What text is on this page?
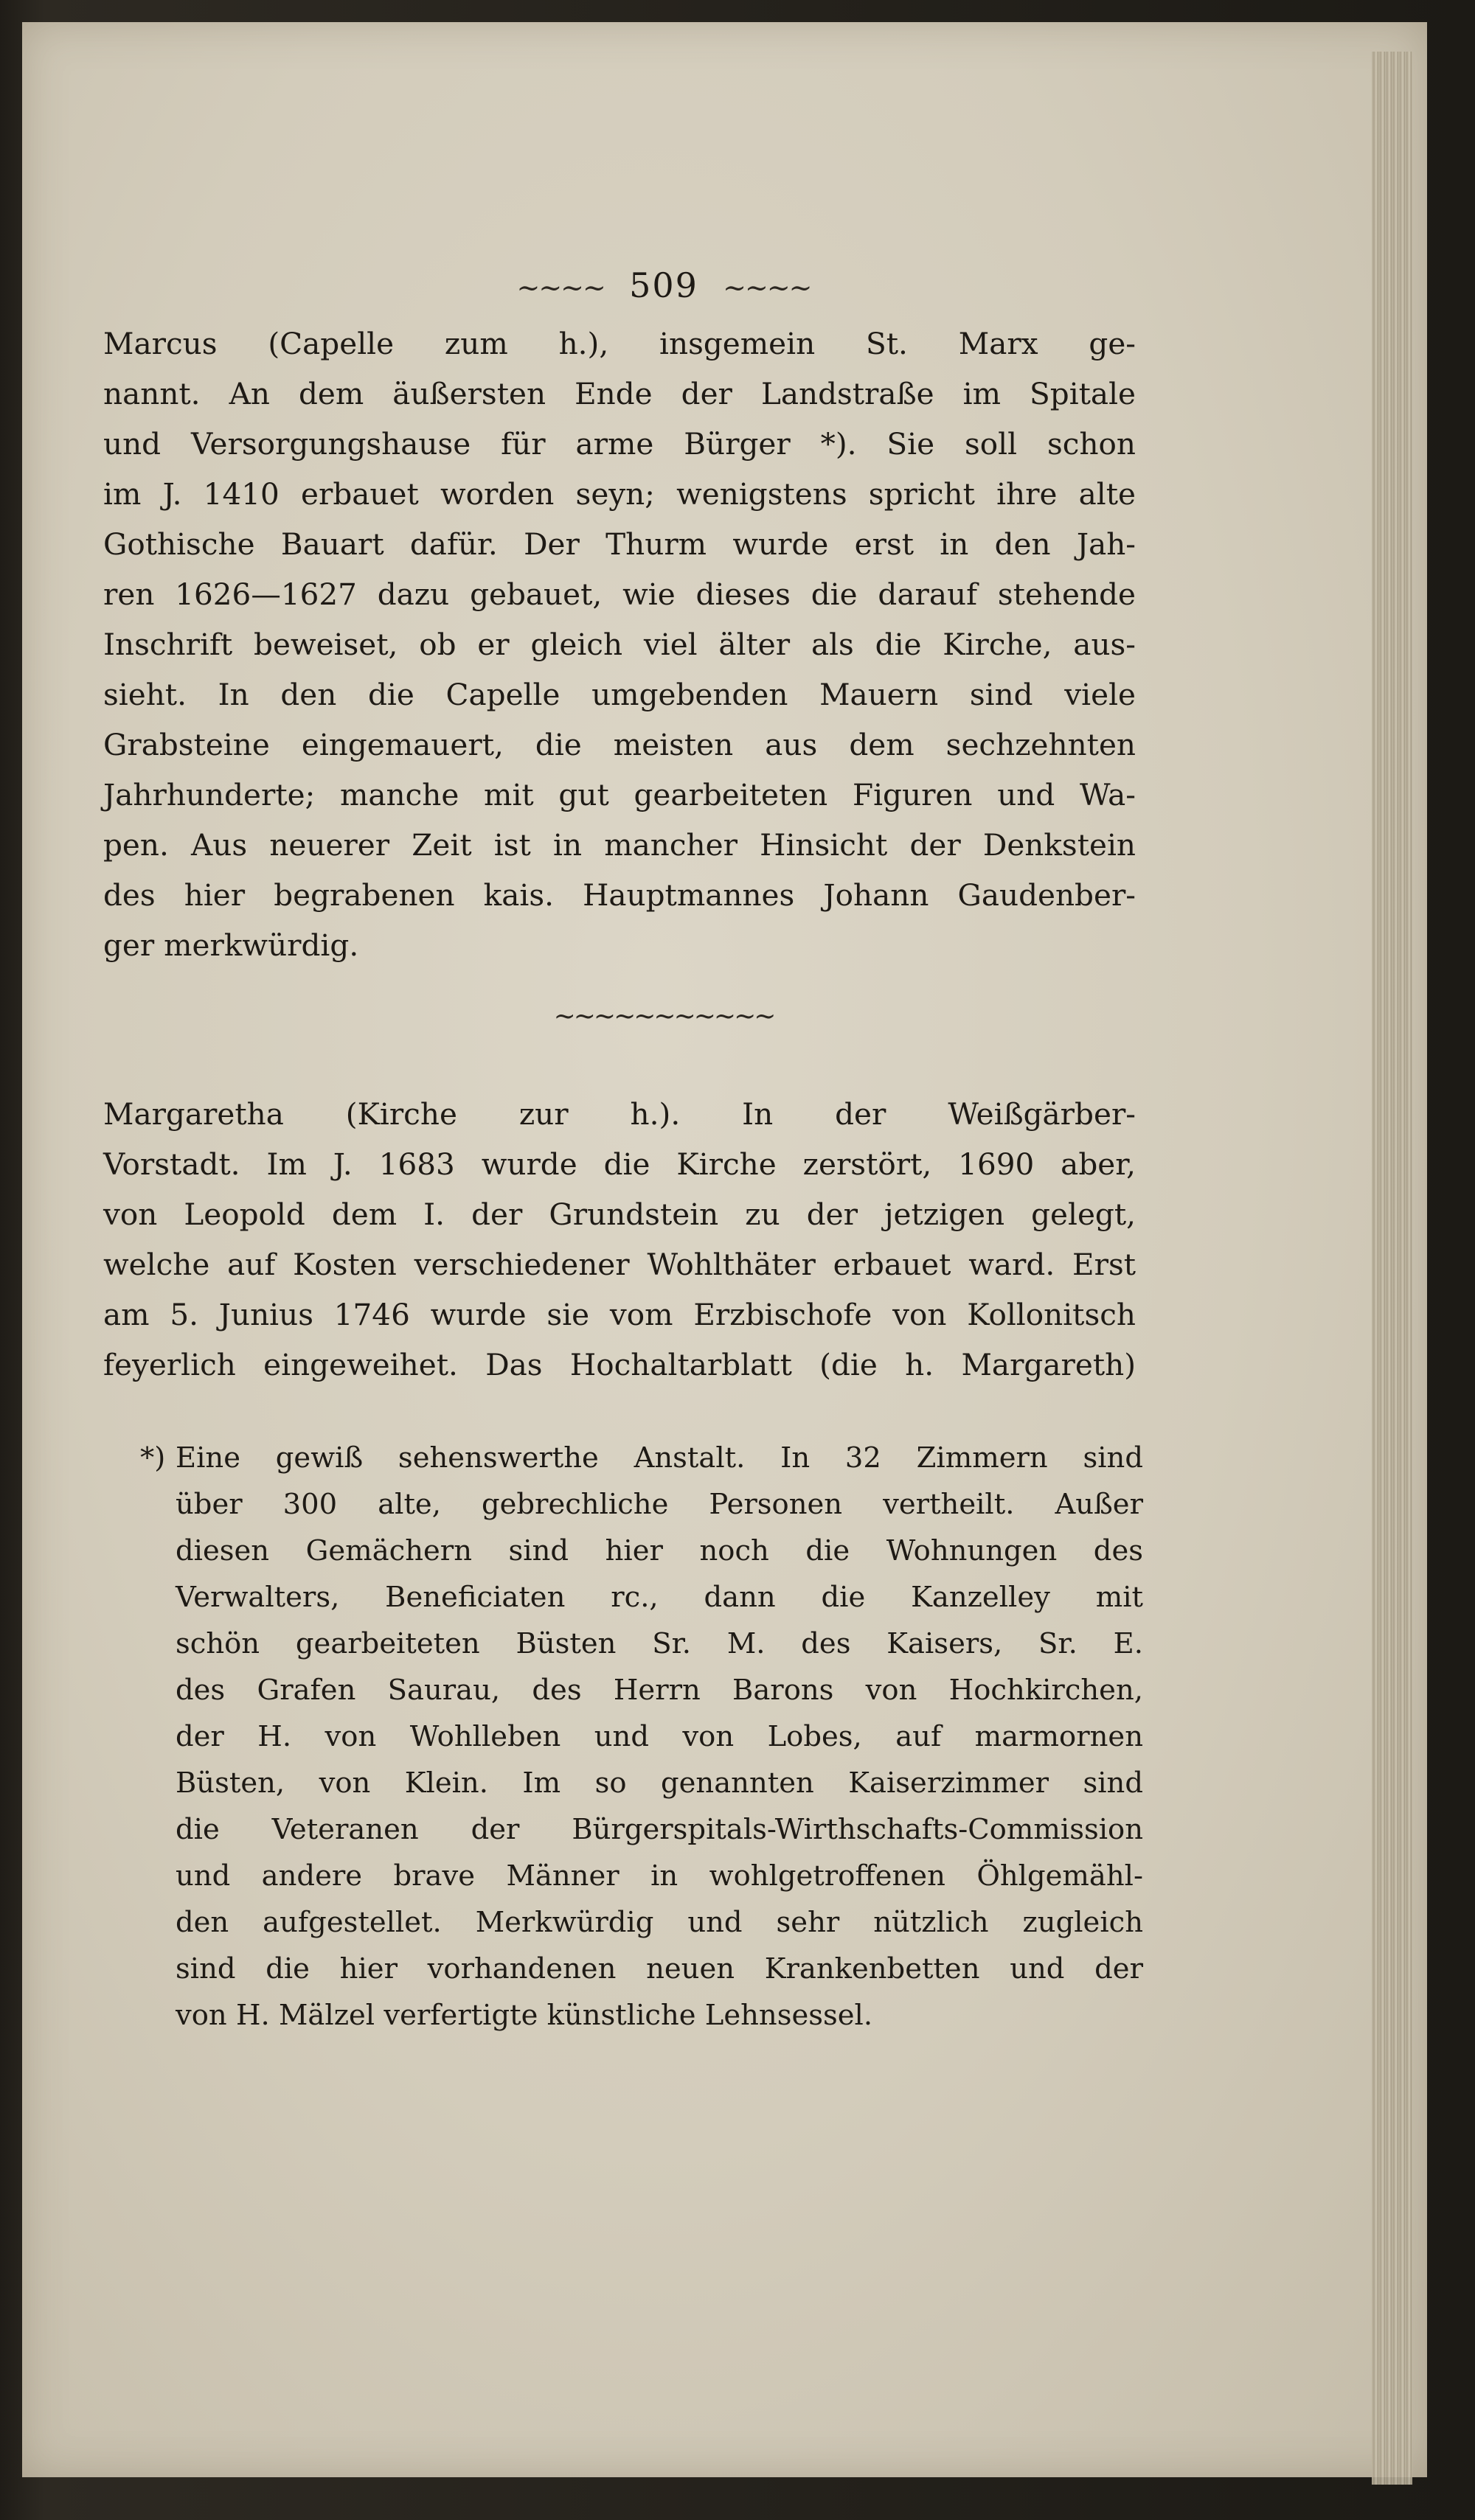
~~~~ 509 ~~~~
Marcus (Capelle zum h.), insgemein St. Marx ge-
nannt. An dem äußersten Ende der Landstraße im Spitale
und Versorgungshause für arme Bürger *). Sie soll schon
im J. 1410 erbauet worden seyn; wenigstens spricht ihre alte
Gothische Bauart dafür. Der Thurm wurde erst in den Jah-
ren 1626—1627 dazu gebauet, wie dieses die darauf stehende
Inschrift beweiset, ob er gleich viel älter als die Kirche, aus-
sieht. In den die Capelle umgebenden Mauern sind viele
Grabsteine eingemauert, die meisten aus dem sechzehnten
Jahrhunderte; manche mit gut gearbeiteten Figuren und Wa-
pen. Aus neuerer Zeit ist in mancher Hinsicht der Denkstein
des hier begrabenen kais. Hauptmannes Johann Gaudenber-
ger merkwürdig.
~~~~~~~~~~~
Margaretha (Kirche zur h.). In der Weißgärber-
Vorstadt. Im J. 1683 wurde die Kirche zerstört, 1690 aber,
von Leopold dem I. der Grundstein zu der jetzigen gelegt,
welche auf Kosten verschiedener Wohlthäter erbauet ward. Erst
am 5. Junius 1746 wurde sie vom Erzbischofe von Kollonitsch
feyerlich eingeweihet. Das Hochaltarblatt (die h. Margareth)
*) Eine gewiß sehenswerthe Anstalt. In 32 Zimmern sind
über 300 alte, gebrechliche Personen vertheilt. Außer
diesen Gemächern sind hier noch die Wohnungen des
Verwalters, Beneficiaten rc., dann die Kanzelley mit
schön gearbeiteten Büsten Sr. M. des Kaisers, Sr. E.
des Grafen Saurau, des Herrn Barons von Hochkirchen,
der H. von Wohlleben und von Lobes, auf marmornen
Büsten, von Klein. Im so genannten Kaiserzimmer sind
die Veteranen der Bürgerspitals-Wirthschafts-Commission
und andere brave Männer in wohlgetroffenen Öhlgemähl-
den aufgestellet. Merkwürdig und sehr nützlich zugleich
sind die hier vorhandenen neuen Krankenbetten und der
von H. Mälzel verfertigte künstliche Lehnsessel.
